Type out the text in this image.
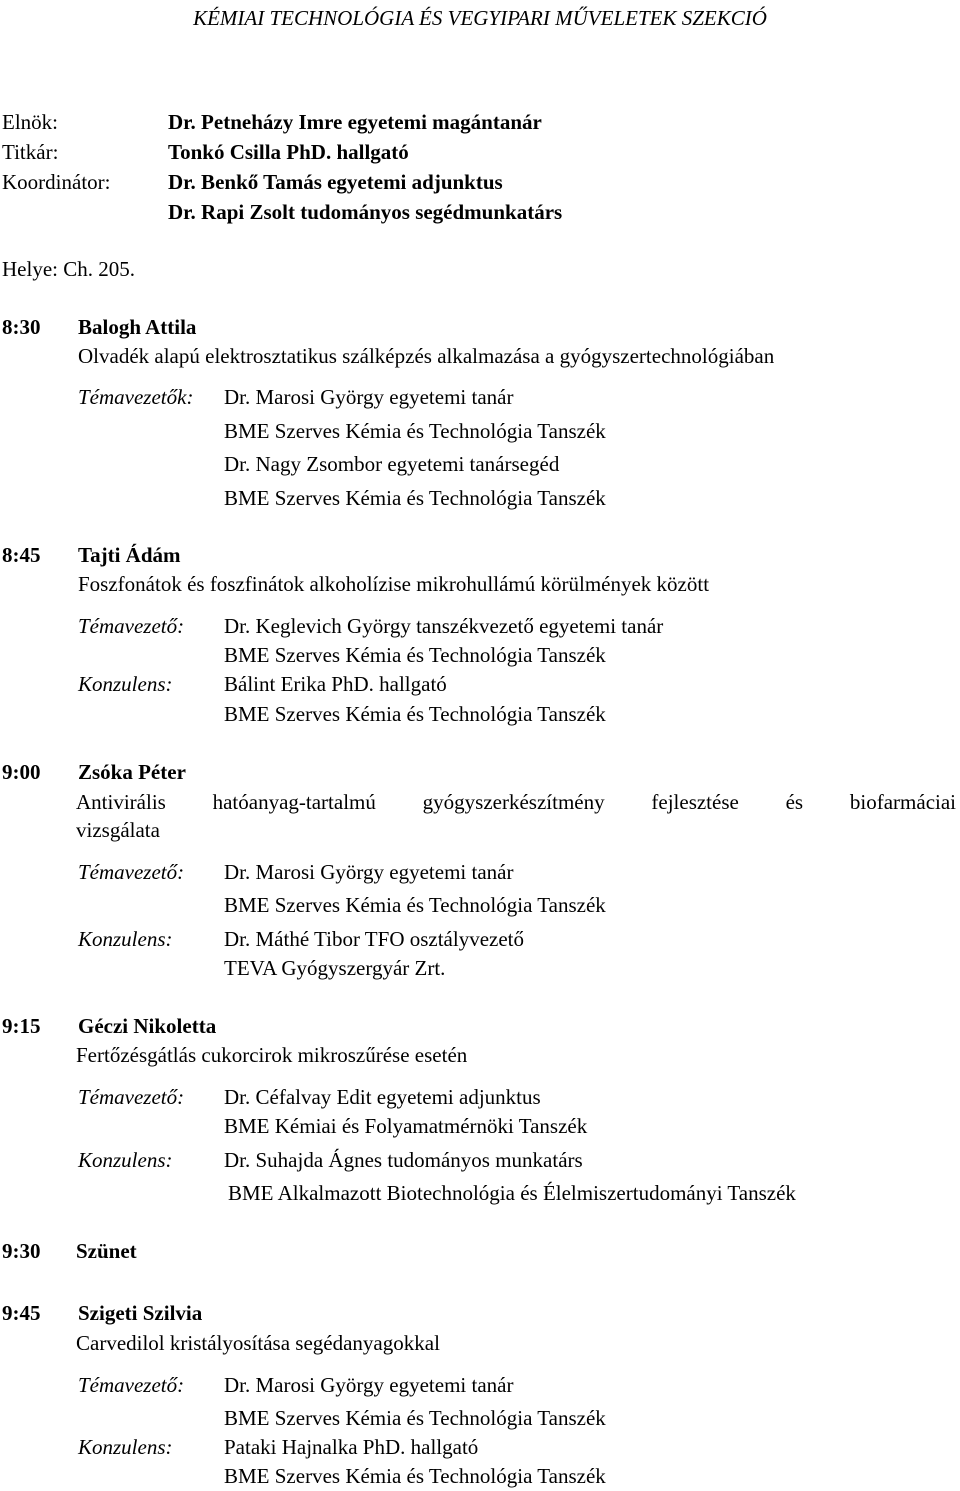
KÉMIAI TECHNOLÓGIA ÉS VEGYIPARI MŰVELETEK SZEKCIÓ
Elnök:	Dr. Petneházy Imre egyetemi magántanár
Titkár:	Tonkó Csilla PhD. hallgató
Koordinátor:	Dr. Benkő Tamás egyetemi adjunktus
Dr. Rapi Zsolt tudományos segédmunkatárs
Helye: Ch. 205.
8:30 Balogh Attila
Olvadék alapú elektrosztatikus szálképzés alkalmazása a gyógyszertechnológiában
Témavezetők: Dr. Marosi György egyetemi tanár
BME Szerves Kémia és Technológia Tanszék
Dr. Nagy Zsombor egyetemi tanársegéd
BME Szerves Kémia és Technológia Tanszék
8:45 Tajti Ádám
Foszfonátok és foszfinátok alkoholízise mikrohullámú körülmények között
Témavezető: Dr. Keglevich György tanszékvezető egyetemi tanár
BME Szerves Kémia és Technológia Tanszék
Konzulens: Bálint Erika PhD. hallgató
BME Szerves Kémia és Technológia Tanszék
9:00 Zsóka Péter
Antivirális hatóanyag-tartalmú gyógyszerkészítmény fejlesztése és biofarmáciai
vizsgálata
Témavezető: Dr. Marosi György egyetemi tanár
BME Szerves Kémia és Technológia Tanszék
Konzulens: Dr. Máthé Tibor TFO osztályvezető
TEVA Gyógyszergyár Zrt.
9:15 Géczi Nikoletta
Fertőzésgátlás cukorcirok mikroszűrése esetén
Témavezető: Dr. Céfalvay Edit egyetemi adjunktus
BME Kémiai és Folyamatmérnöki Tanszék
Konzulens: Dr. Suhajda Ágnes tudományos munkatárs
BME Alkalmazott Biotechnológia és Élelmiszertudományi Tanszék
9:30 Szünet
9:45 Szigeti Szilvia
Carvedilol kristályosítása segédanyagokkal
Témavezető: Dr. Marosi György egyetemi tanár
BME Szerves Kémia és Technológia Tanszék
Konzulens: Pataki Hajnalka PhD. hallgató
BME Szerves Kémia és Technológia Tanszék
